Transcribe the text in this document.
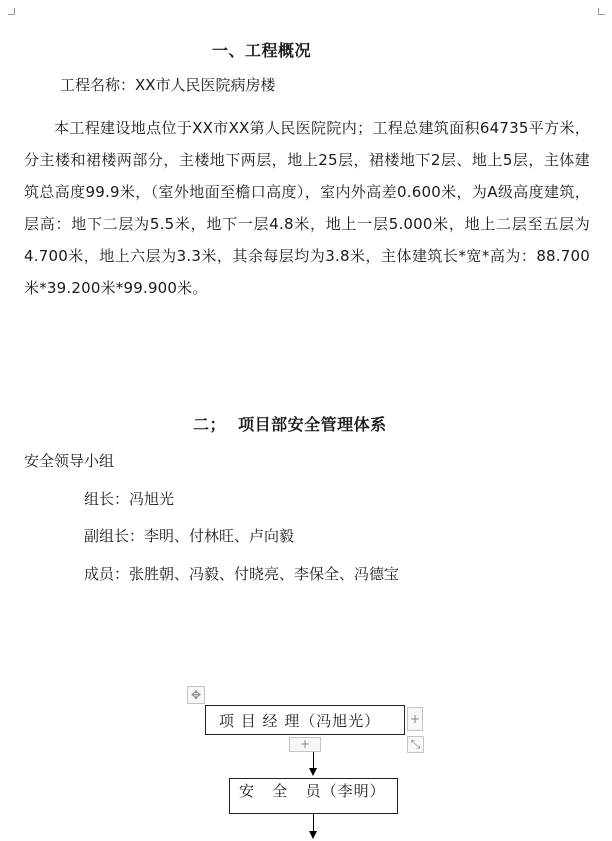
一、工程概况
工程名称：XX市人民医院病房楼
本工程建设地点位于XX市XX第人民医院院内；工程总建筑面积64735平方米，分主楼和裙楼两部分，主楼地下两层，地上25层，裙楼地下2层、地上5层，主体建筑总高度99.9米，（室外地面至檐口高度），室内外高差0.600米，为A级高度建筑，层高：地下二层为5.5米，地下一层4.8米，地上一层5.000米，地上二层至五层为4.700米，地上六层为3.3米，其余每层均为3.8米，主体建筑长*宽*高为：88.700米*39.200米*99.900米。
二；  项目部安全管理体系
安全领导小组
组长：冯旭光
副组长：李明、付林旺、卢向毅
成员：张胜朝、冯毅、付晓亮、李保全、冯德宝
✥
项 目 经 理（冯旭光）	+
+	⤡
安   全   员（李明）
